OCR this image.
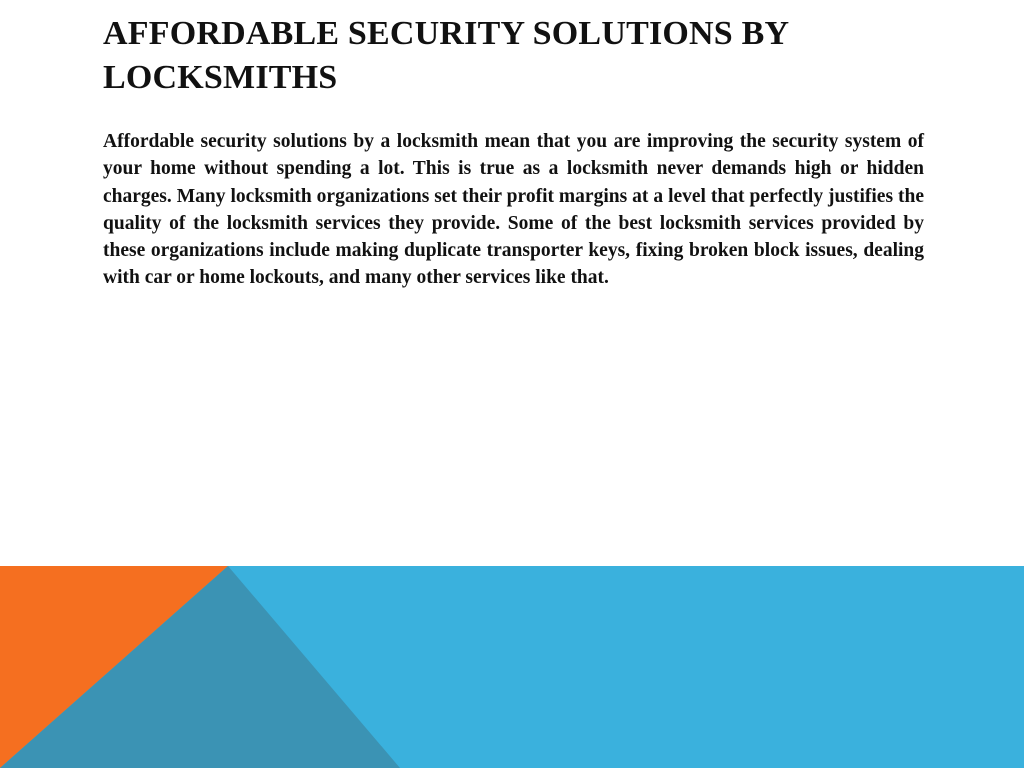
AFFORDABLE SECURITY SOLUTIONS BY LOCKSMITHS

Affordable security solutions by a locksmith mean that you are improving the security system of your home without spending a lot. This is true as a locksmith never demands high or hidden charges. Many locksmith organizations set their profit margins at a level that perfectly justifies the quality of the locksmith services they provide. Some of the best locksmith services provided by these organizations include making duplicate transporter keys, fixing broken block issues, dealing with car or home lockouts, and many other services like that.
